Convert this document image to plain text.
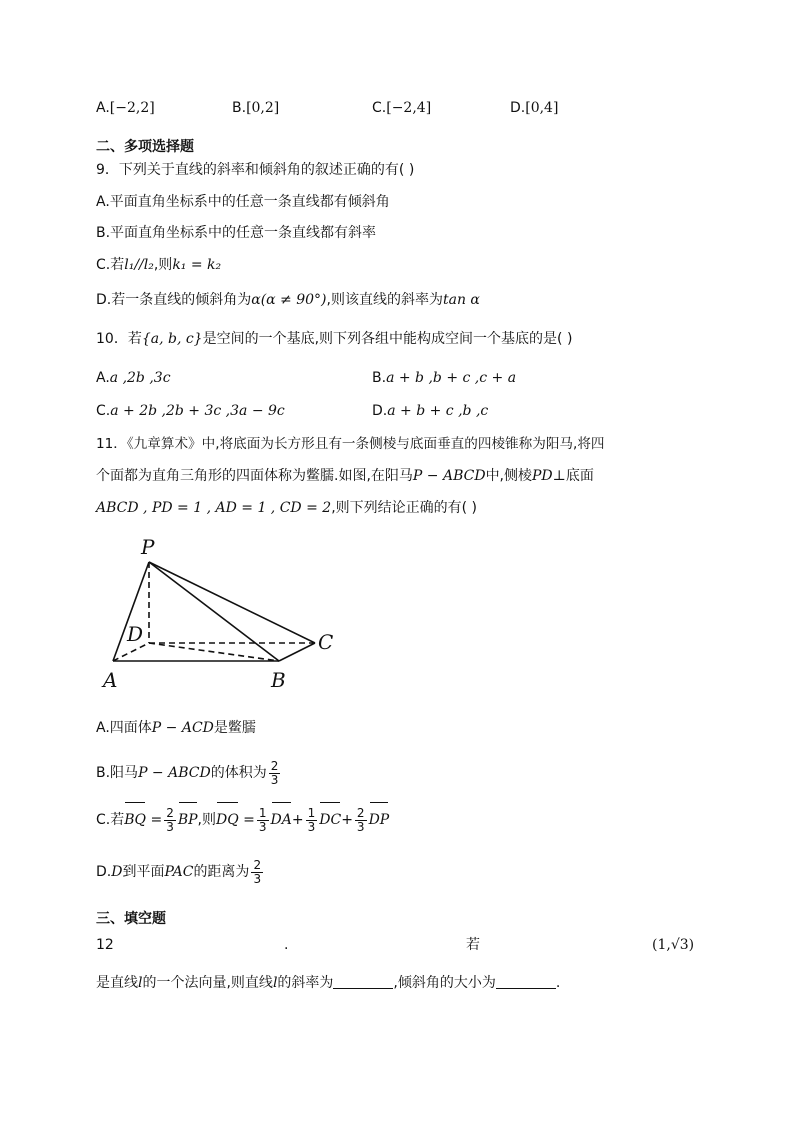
A.[−2,2]	B.[0,2]	C.[−2,4]	D.[0,4]
二、多项选择题
9．下列关于直线的斜率和倾斜角的叙述正确的有( )
A.平面直角坐标系中的任意一条直线都有倾斜角
B.平面直角坐标系中的任意一条直线都有斜率
C.若l₁//l₂,则k₁ = k₂
D.若一条直线的倾斜角为α(α ≠ 90°),则该直线的斜率为tan α
10．若{a, b, c}是空间的一个基底,则下列各组中能构成空间一个基底的是( )
A.a ,2b ,3c	B.a + b ,b + c ,c + a
C.a + 2b ,2b + 3c ,3a − 9c	D.a + b + c ,b ,c
11．《九章算术》中,将底面为长方形且有一条侧棱与底面垂直的四棱锥称为阳马,将四
个面都为直角三角形的四面体称为鳖臑.如图,在阳马P − ABCD中,侧棱PD⊥底面
ABCD , PD = 1 , AD = 1 , CD = 2,则下列结论正确的有( )
P
D	C
A	B
A.四面体P − ACD是鳖臑
B.阳马P − ABCD的体积为 $\frac{2}{3}$
C.若BQ = $\frac{2}{3}$ BP,则DQ = $\frac{1}{3} DA+ \frac{1}{3} DC+ \frac{2}{3}$ DP
D.D到平面PAC的距离为 $\frac{2}{3}$
三、填空题
12	.	若	(1,√3)
是直线l的一个法向量,则直线l的斜率为	,倾斜角的大小为	.
